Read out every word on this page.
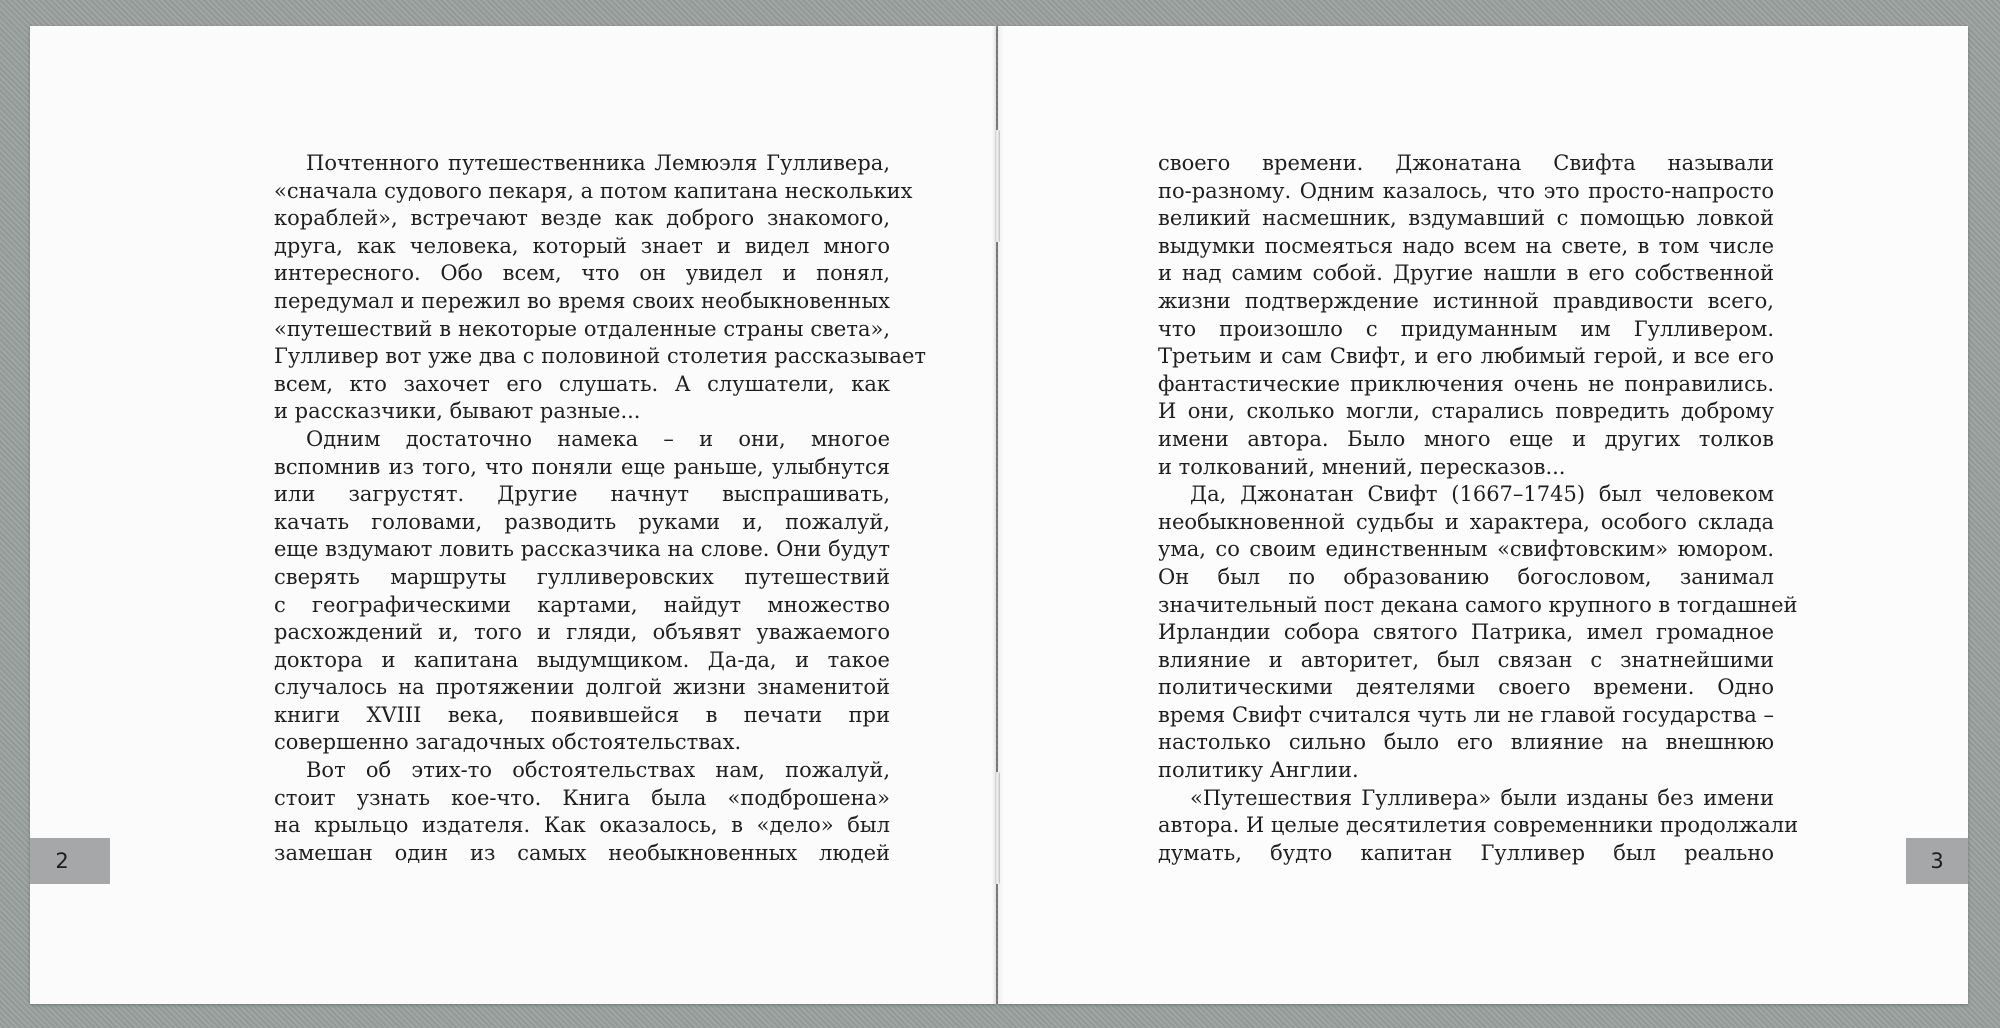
Почтенного путешественника Лемюэля Гулливера,
«сначала судового пекаря, а потом капитана нескольких
кораблей», встречают везде как доброго знакомого,
друга, как человека, который знает и видел много
интересного. Обо всем, что он увидел и понял,
передумал и пережил во время своих необыкновенных
«путешествий в некоторые отдаленные страны света»,
Гулливер вот уже два с половиной столетия рассказывает
всем, кто захочет его слушать. А слушатели, как
и рассказчики, бывают разные...
Одним достаточно намека – и они, многое
вспомнив из того, что поняли еще раньше, улыбнутся
или загрустят. Другие начнут выспрашивать,
качать головами, разводить руками и, пожалуй,
еще вздумают ловить рассказчика на слове. Они будут
сверять маршруты гулливеровских путешествий
с географическими картами, найдут множество
расхождений и, того и гляди, объявят уважаемого
доктора и капитана выдумщиком. Да-да, и такое
случалось на протяжении долгой жизни знаменитой
книги XVIII века, появившейся в печати при
совершенно загадочных обстоятельствах.
Вот об этих-то обстоятельствах нам, пожалуй,
стоит узнать кое-что. Книга была «подброшена»
на крыльцо издателя. Как оказалось, в «дело» был
замешан один из самых необыкновенных людей
2
своего времени. Джонатана Свифта называли
по-разному. Одним казалось, что это просто-напросто
великий насмешник, вздумавший с помощью ловкой
выдумки посмеяться надо всем на свете, в том числе
и над самим собой. Другие нашли в его собственной
жизни подтверждение истинной правдивости всего,
что произошло с придуманным им Гулливером.
Третьим и сам Свифт, и его любимый герой, и все его
фантастические приключения очень не понравились.
И они, сколько могли, старались повредить доброму
имени автора. Было много еще и других толков
и толкований, мнений, пересказов...
Да, Джонатан Свифт (1667–1745) был человеком
необыкновенной судьбы и характера, особого склада
ума, со своим единственным «свифтовским» юмором.
Он был по образованию богословом, занимал
значительный пост декана самого крупного в тогдашней
Ирландии собора святого Патрика, имел громадное
влияние и авторитет, был связан с знатнейшими
политическими деятелями своего времени. Одно
время Свифт считался чуть ли не главой государства –
настолько сильно было его влияние на внешнюю
политику Англии.
«Путешествия Гулливера» были изданы без имени
автора. И целые десятилетия современники продолжали
думать, будто капитан Гулливер был реально	3
